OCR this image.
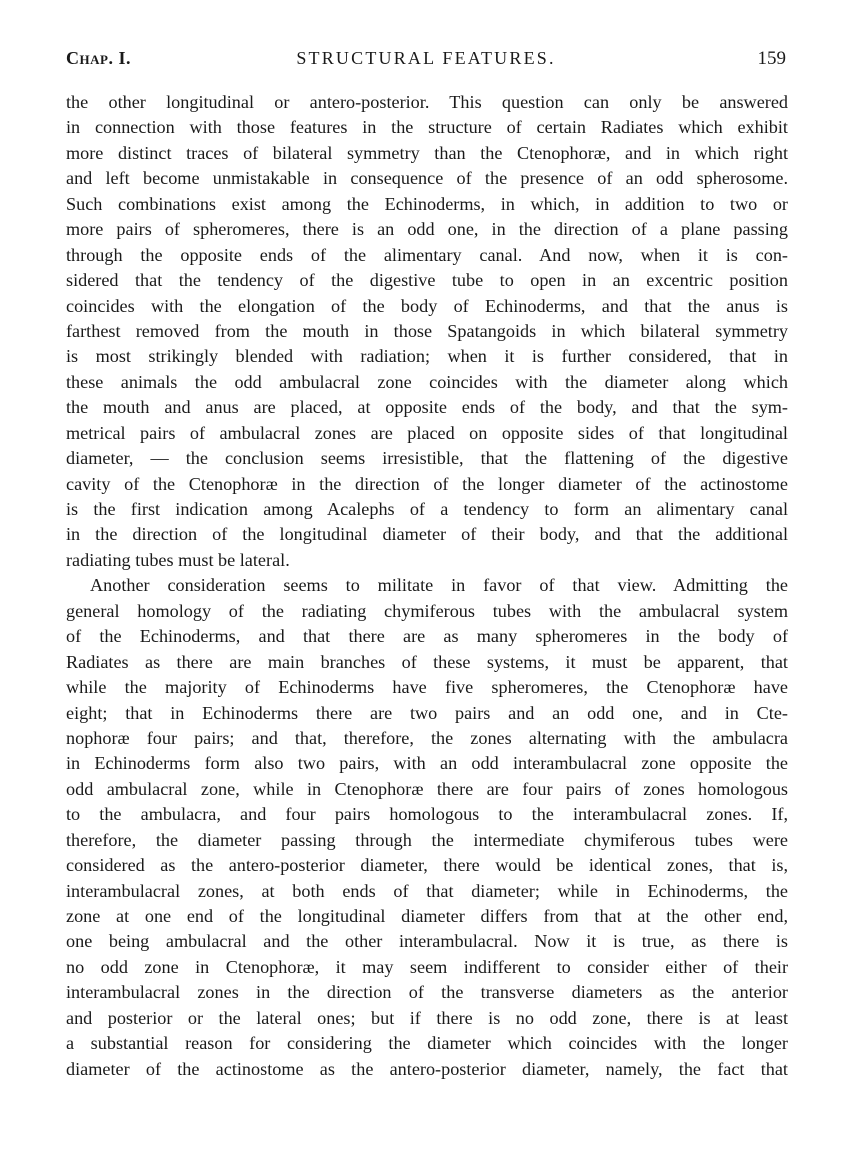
Chap. I.	STRUCTURAL FEATURES.	159
the other longitudinal or antero-posterior. This question can only be answered
in connection with those features in the structure of certain Radiates which exhibit
more distinct traces of bilateral symmetry than the Ctenophoræ, and in which right
and left become unmistakable in consequence of the presence of an odd spherosome.
Such combinations exist among the Echinoderms, in which, in addition to two or
more pairs of spheromeres, there is an odd one, in the direction of a plane passing
through the opposite ends of the alimentary canal. And now, when it is con-
sidered that the tendency of the digestive tube to open in an excentric position
coincides with the elongation of the body of Echinoderms, and that the anus is
farthest removed from the mouth in those Spatangoids in which bilateral symmetry
is most strikingly blended with radiation; when it is further considered, that in
these animals the odd ambulacral zone coincides with the diameter along which
the mouth and anus are placed, at opposite ends of the body, and that the sym-
metrical pairs of ambulacral zones are placed on opposite sides of that longitudinal
diameter, — the conclusion seems irresistible, that the flattening of the digestive
cavity of the Ctenophoræ in the direction of the longer diameter of the actinostome
is the first indication among Acalephs of a tendency to form an alimentary canal
in the direction of the longitudinal diameter of their body, and that the additional
radiating tubes must be lateral.
Another consideration seems to militate in favor of that view. Admitting the
general homology of the radiating chymiferous tubes with the ambulacral system
of the Echinoderms, and that there are as many spheromeres in the body of
Radiates as there are main branches of these systems, it must be apparent, that
while the majority of Echinoderms have five spheromeres, the Ctenophoræ have
eight; that in Echinoderms there are two pairs and an odd one, and in Cte-
nophoræ four pairs; and that, therefore, the zones alternating with the ambulacra
in Echinoderms form also two pairs, with an odd interambulacral zone opposite the
odd ambulacral zone, while in Ctenophoræ there are four pairs of zones homologous
to the ambulacra, and four pairs homologous to the interambulacral zones. If,
therefore, the diameter passing through the intermediate chymiferous tubes were
considered as the antero-posterior diameter, there would be identical zones, that is,
interambulacral zones, at both ends of that diameter; while in Echinoderms, the
zone at one end of the longitudinal diameter differs from that at the other end,
one being ambulacral and the other interambulacral. Now it is true, as there is
no odd zone in Ctenophoræ, it may seem indifferent to consider either of their
interambulacral zones in the direction of the transverse diameters as the anterior
and posterior or the lateral ones; but if there is no odd zone, there is at least
a substantial reason for considering the diameter which coincides with the longer
diameter of the actinostome as the antero-posterior diameter, namely, the fact that
